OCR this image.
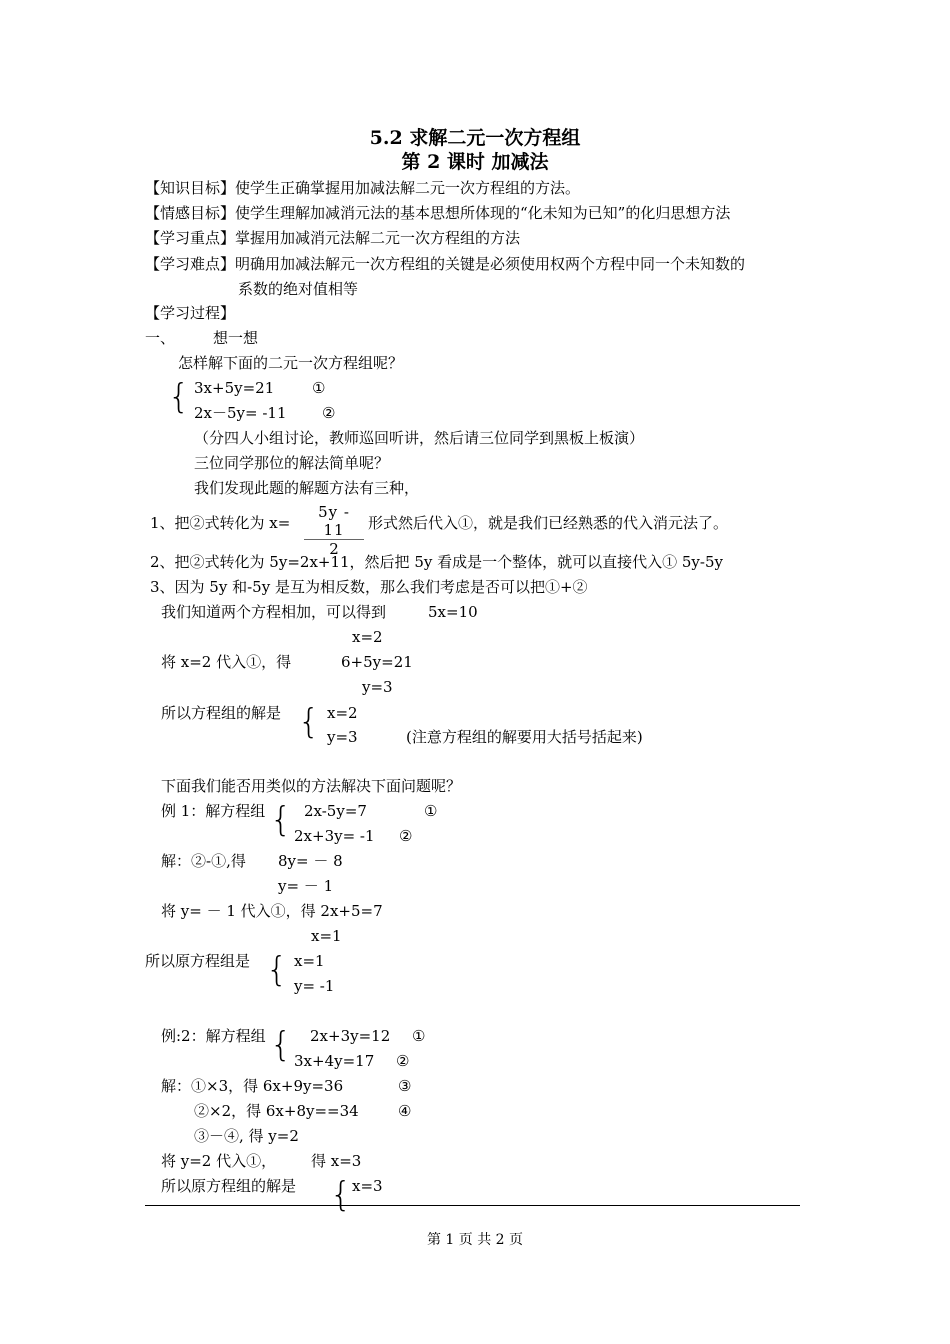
5.2 求解二元一次方程组
第 2 课时 加减法
【知识目标】使学生正确掌握用加减法解二元一次方程组的方法。
【情感目标】使学生理解加减消元法的基本思想所体现的“化未知为已知”的化归思想方法
【学习重点】掌握用加减消元法解二元一次方程组的方法
【学习难点】明确用加减法解元一次方程组的关键是必须使用权两个方程中同一个未知数的
系数的绝对值相等
【学习过程】
一、	想一想
怎样解下面的二元一次方程组呢？
{ 3x+5y=21	①
2x－5y= -11 ②
（分四人小组讨论，教师巡回听讲，然后请三位同学到黑板上板演）
三位同学那位的解法简单呢？
我们发现此题的解题方法有三种，
1、把②式转化为 $x= \frac{5y - 11}{2}$ 形式然后代入①，就是我们已经熟悉的代入消元法了。
2、把②式转化为 5y=2x+11，然后把 5y 看成是一个整体，就可以直接代入① 5y-5y
3、因为 5y 和-5y 是互为相反数，那么我们考虑是否可以把①+②
我们知道两个方程相加，可以得到	5x=10
x=2
将 x=2 代入①，得	6+5y=21
y=3
所以方程组的解是 { x=2
y=3	(注意方程组的解要用大括号括起来)
下面我们能否用类似的方法解决下面问题呢？
例 1：解方程组 { 2x-5y=7	①
2x+3y= -1 ②
解：②-①,得 8y= － 8
y= － 1
将 y= － 1 代入①，得 2x+5=7
x=1
所以原方程组是 { x=1
y= -1
例:2：解方程组 { 2x+3y=12 ①
3x+4y=17 ②
解：①×3，得 6x+9y=36	③
②×2，得 6x+8y==34	④
③－④, 得 y=2
将 y=2 代入①， 得 x=3
所以原方程组的解是 { x=3
第 1 页 共 2 页
